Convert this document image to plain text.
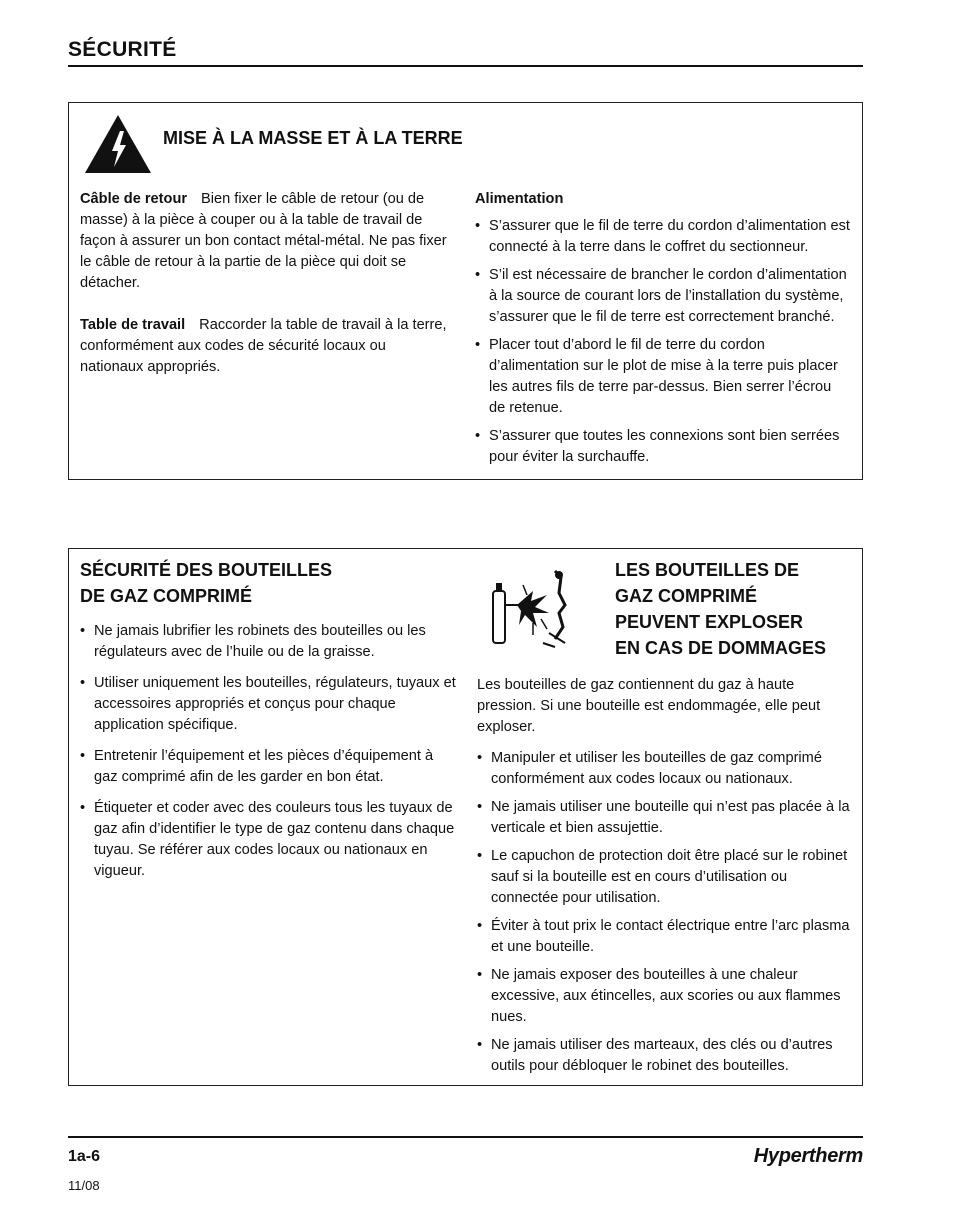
SÉCURITÉ
MISE À LA MASSE ET À LA TERRE

Câble de retour Bien fixer le câble de retour (ou de masse) à la pièce à couper ou à la table de travail de façon à assurer un bon contact métal-métal. Ne pas fixer le câble de retour à la partie de la pièce qui doit se détacher.

Table de travail Raccorder la table de travail à la terre, conformément aux codes de sécurité locaux ou nationaux appropriés.

Alimentation

• S’assurer que le fil de terre du cordon d’alimentation est connecté à la terre dans le coffret du sectionneur.
• S’il est nécessaire de brancher le cordon d’alimentation à la source de courant lors de l’installation du système, s’assurer que le fil de terre est correctement branché.
• Placer tout d’abord le fil de terre du cordon d’alimentation sur le plot de mise à la terre puis placer les autres fils de terre par-dessus. Bien serrer l’écrou de retenue.
• S’assurer que toutes les connexions sont bien serrées pour éviter la surchauffe.
SÉCURITÉ DES BOUTEILLES
DE GAZ COMPRIMÉ
• Ne jamais lubrifier les robinets des bouteilles ou les régulateurs avec de l’huile ou de la graisse.
• Utiliser uniquement les bouteilles, régulateurs, tuyaux et accessoires appropriés et conçus pour chaque application spécifique.
• Entretenir l’équipement et les pièces d’équipement à gaz comprimé afin de les garder en bon état.
• Étiqueter et coder avec des couleurs tous les tuyaux de gaz afin d’identifier le type de gaz contenu dans chaque tuyau. Se référer aux codes locaux ou nationaux en vigueur.
LES BOUTEILLES DE
GAZ COMPRIMÉ
PEUVENT EXPLOSER
EN CAS DE DOMMAGES

Les bouteilles de gaz contiennent du gaz à haute pression. Si une bouteille est endommagée, elle peut exploser.

• Manipuler et utiliser les bouteilles de gaz comprimé conformément aux codes locaux ou nationaux.
• Ne jamais utiliser une bouteille qui n’est pas placée à la verticale et bien assujettie.
• Le capuchon de protection doit être placé sur le robinet sauf si la bouteille est en cours d’utilisation ou connectée pour utilisation.
• Éviter à tout prix le contact électrique entre l’arc plasma et une bouteille.
• Ne jamais exposer des bouteilles à une chaleur excessive, aux étincelles, aux scories ou aux flammes nues.
• Ne jamais utiliser des marteaux, des clés ou d’autres outils pour débloquer le robinet des bouteilles.
1a-6
11/08
Hypertherm
